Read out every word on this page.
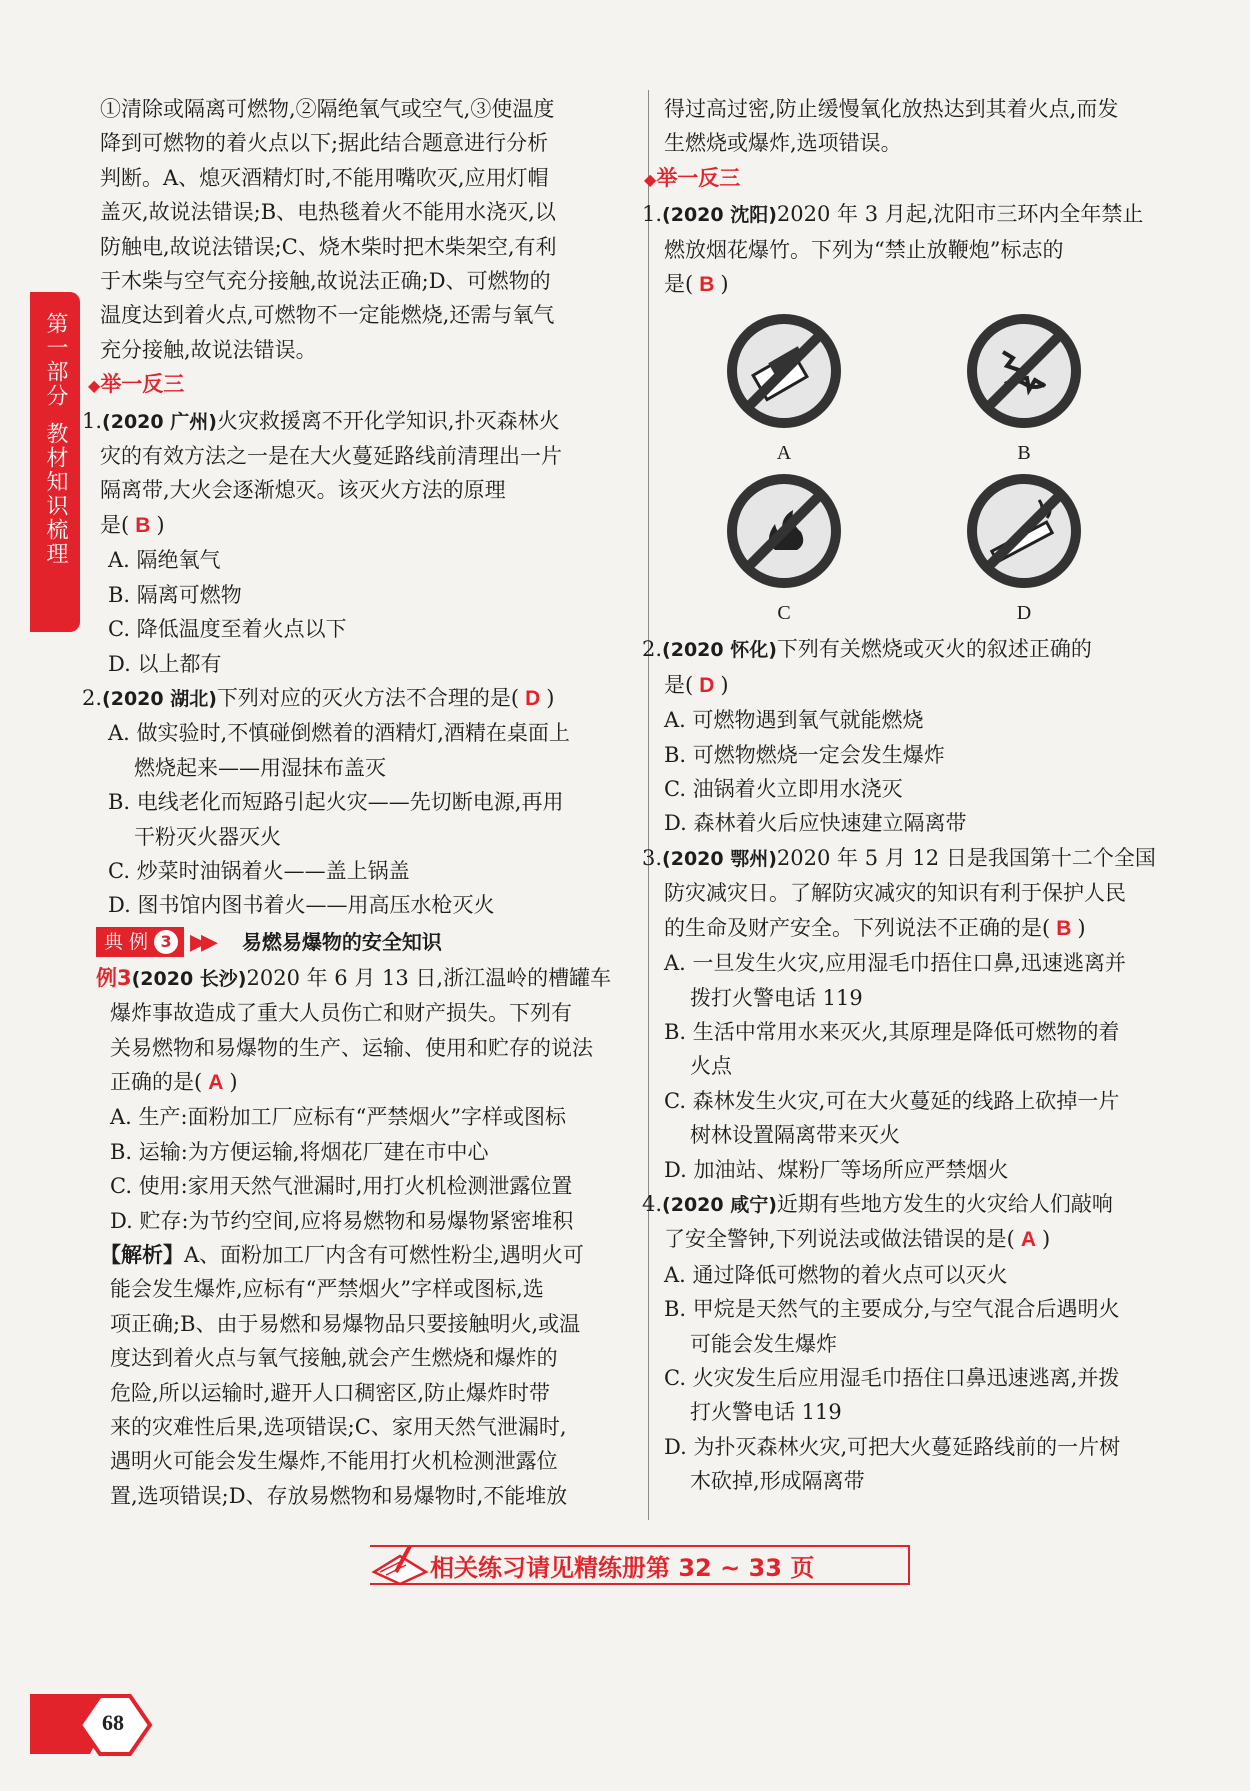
第一部分
教材知识梳理
①清除或隔离可燃物,②隔绝氧气或空气,③使温度
降到可燃物的着火点以下;据此结合题意进行分析
判断。A、熄灭酒精灯时,不能用嘴吹灭,应用灯帽
盖灭,故说法错误;B、电热毯着火不能用水浇灭,以
防触电,故说法错误;C、烧木柴时把木柴架空,有利
于木柴与空气充分接触,故说法正确;D、可燃物的
温度达到着火点,可燃物不一定能燃烧,还需与氧气
充分接触,故说法错误。
◆举一反三
1.(2020 广州)火灾救援离不开化学知识,扑灭森林火
灾的有效方法之一是在大火蔓延路线前清理出一片
隔离带,大火会逐渐熄灭。该灭火方法的原理
是( B )
A. 隔绝氧气
B. 隔离可燃物
C. 降低温度至着火点以下
D. 以上都有
2.(2020 湖北)下列对应的灭火方法不合理的是( D )
A. 做实验时,不慎碰倒燃着的酒精灯,酒精在桌面上
燃烧起来——用湿抹布盖灭
B. 电线老化而短路引起火灾——先切断电源,再用
干粉灭火器灭火
C. 炒菜时油锅着火——盖上锅盖
D. 图书馆内图书着火——用高压水枪灭火
典 例 3 ▶▶ 易燃易爆物的安全知识
例3(2020 长沙)2020 年 6 月 13 日,浙江温岭的槽罐车
爆炸事故造成了重大人员伤亡和财产损失。下列有
关易燃物和易爆物的生产、运输、使用和贮存的说法
正确的是( A )
A. 生产:面粉加工厂应标有“严禁烟火”字样或图标
B. 运输:为方便运输,将烟花厂建在市中心
C. 使用:家用天然气泄漏时,用打火机检测泄露位置
D. 贮存:为节约空间,应将易燃物和易爆物紧密堆积
【解析】A、面粉加工厂内含有可燃性粉尘,遇明火可
能会发生爆炸,应标有“严禁烟火”字样或图标,选
项正确;B、由于易燃和易爆物品只要接触明火,或温
度达到着火点与氧气接触,就会产生燃烧和爆炸的
危险,所以运输时,避开人口稠密区,防止爆炸时带
来的灾难性后果,选项错误;C、家用天然气泄漏时,
遇明火可能会发生爆炸,不能用打火机检测泄露位
置,选项错误;D、存放易燃物和易爆物时,不能堆放
得过高过密,防止缓慢氧化放热达到其着火点,而发
生燃烧或爆炸,选项错误。
◆举一反三
1.(2020 沈阳)2020 年 3 月起,沈阳市三环内全年禁止
燃放烟花爆竹。下列为“禁止放鞭炮”标志的
是( B )
A	B
C	D
2.(2020 怀化)下列有关燃烧或灭火的叙述正确的
是( D )
A. 可燃物遇到氧气就能燃烧
B. 可燃物燃烧一定会发生爆炸
C. 油锅着火立即用水浇灭
D. 森林着火后应快速建立隔离带
3.(2020 鄂州)2020 年 5 月 12 日是我国第十二个全国
防灾减灾日。了解防灾减灾的知识有利于保护人民
的生命及财产安全。下列说法不正确的是( B )
A. 一旦发生火灾,应用湿毛巾捂住口鼻,迅速逃离并
拨打火警电话 119
B. 生活中常用水来灭火,其原理是降低可燃物的着
火点
C. 森林发生火灾,可在大火蔓延的线路上砍掉一片
树林设置隔离带来灭火
D. 加油站、煤粉厂等场所应严禁烟火
4.(2020 咸宁)近期有些地方发生的火灾给人们敲响
了安全警钟,下列说法或做法错误的是( A )
A. 通过降低可燃物的着火点可以灭火
B. 甲烷是天然气的主要成分,与空气混合后遇明火
可能会发生爆炸
C. 火灾发生后应用湿毛巾捂住口鼻迅速逃离,并拨
打火警电话 119
D. 为扑灭森林火灾,可把大火蔓延路线前的一片树
木砍掉,形成隔离带
相关练习请见精练册第 32 ~ 33 页
68
